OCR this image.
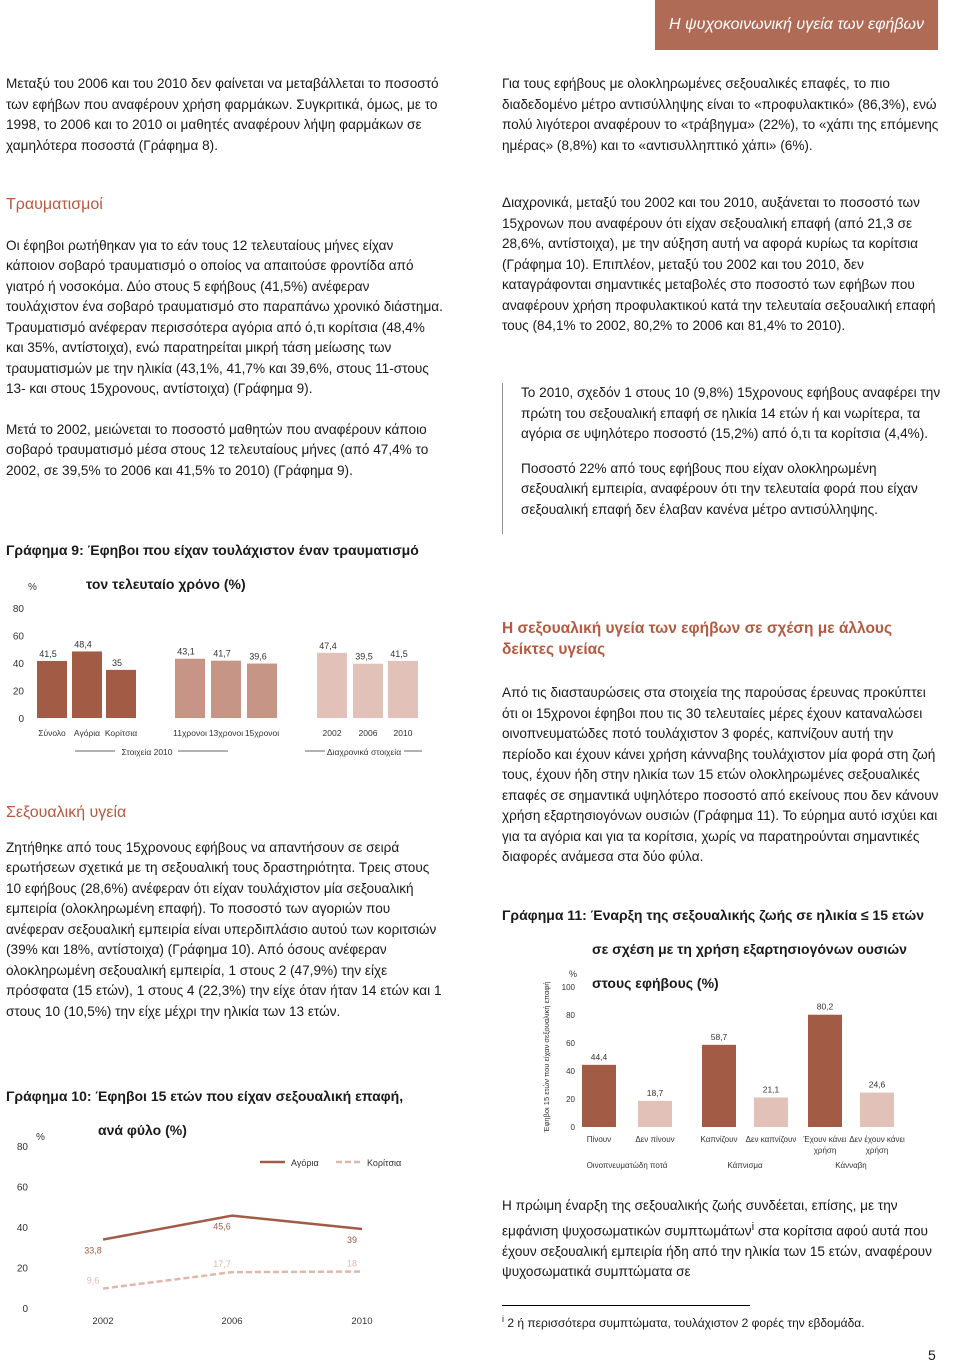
Η ψυχοκοινωνική υγεία των εφήβων

Μεταξύ του 2006 και του 2010 δεν φαίνεται να μεταβάλλεται το ποσοστό των εφήβων που αναφέρουν χρήση φαρμάκων. Συγκριτικά, όμως, με το 1998, το 2006 και το 2010 οι μαθητές αναφέρουν λήψη φαρμάκων σε χαμηλότερα ποσοστά (Γράφημα 8).

Τραυματισμοί

Οι έφηβοι ρωτήθηκαν για το εάν τους 12 τελευταίους μήνες είχαν κάποιον σοβαρό τραυματισμό ο οποίος να απαιτούσε φροντίδα από γιατρό ή νοσοκόμα. Δύο στους 5 εφήβους (41,5%) ανέφεραν τουλάχιστον ένα σοβαρό τραυματισμό στο παραπάνω χρονικό διάστημα. Τραυματισμό ανέφεραν περισσότερα αγόρια από ό,τι κορίτσια (48,4% και 35%, αντίστοιχα), ενώ παρατηρείται μικρή τάση μείωσης των τραυματισμών με την ηλικία (43,1%, 41,7% και 39,6%, στους 11-στους 13- και στους 15χρονους, αντίστοιχα) (Γράφημα 9).

Μετά το 2002, μειώνεται το ποσοστό μαθητών που αναφέρουν κάποιο σοβαρό τραυματισμό μέσα στους 12 τελευταίους μήνες (από 47,4% το 2002, σε 39,5% το 2006 και 41,5% το 2010) (Γράφημα 9).

Γράφημα 9: Έφηβοι που είχαν τουλάχιστον έναν τραυματισμό

τον τελευταίο χρόνο (%)

%
0
20
40
60
80
41,5
Σύνολο
48,4
Αγόρια
35
Κορίτσια
43,1
11χρονοι
41,7
13χρονοι
39,6
15χρονοι
47,4
2002
39,5
2006
41,5
2010
Στοιχεία 2010	Διαχρονικά στοιχεία

Σεξουαλική υγεία

Ζητήθηκε από τους 15χρονους εφήβους να απαντήσουν σε σειρά ερωτήσεων σχετικά με τη σεξουαλική τους δραστηριότητα. Τρεις στους 10 εφήβους (28,6%) ανέφεραν ότι είχαν τουλάχιστον μία σεξουαλική εμπειρία (ολοκληρωμένη επαφή). Το ποσοστό των αγοριών που ανέφεραν σεξουαλική εμπειρία είναι υπερδιπλάσιο αυτού των κοριτσιών (39% και 18%, αντίστοιχα) (Γράφημα 10). Από όσους ανέφεραν ολοκληρωμένη σεξουαλική εμπειρία, 1 στους 2 (47,9%) την είχε πρόσφατα (15 ετών), 1 στους 4 (22,3%) την είχε όταν ήταν 14 ετών και 1 στους 10 (10,5%) την είχε μέχρι την ηλικία των 13 ετών.

Γράφημα 10: Έφηβοι 15 ετών που είχαν σεξουαλική επαφή,

ανά φύλο (%)

%
0
20
40
60
80
2002	2006	2010
33,8
45,6
39
9,6
17,7	18
Αγόρια	Κορίτσια

Για τους εφήβους με ολοκληρωμένες σεξουαλικές επαφές, το πιο διαδεδομένο μέτρο αντισύλληψης είναι το «προφυλακτικό» (86,3%), ενώ πολύ λιγότεροι αναφέρουν το «τράβηγμα» (22%), το «χάπι της επόμενης ημέρας» (8,8%) και το «αντισυλληπτικό χάπι» (6%).

Διαχρονικά, μεταξύ του 2002 και του 2010, αυξάνεται το ποσοστό των 15χρονων που αναφέρουν ότι είχαν σεξουαλική επαφή (από 21,3 σε 28,6%, αντίστοιχα), με την αύξηση αυτή να αφορά κυρίως τα κορίτσια (Γράφημα 10). Επιπλέον, μεταξύ του 2002 και του 2010, δεν καταγράφονται σημαντικές μεταβολές στο ποσοστό των εφήβων που αναφέρουν χρήση προφυλακτικού κατά την τελευταία σεξουαλική επαφή τους (84,1% το 2002, 80,2% το 2006 και 81,4% το 2010).

Το 2010, σχεδόν 1 στους 10 (9,8%) 15χρονους εφήβους αναφέρει την πρώτη του σεξουαλική επαφή σε ηλικία 14 ετών ή και νωρίτερα, τα αγόρια σε υψηλότερο ποσοστό (15,2%) από ό,τι τα κορίτσια (4,4%).

Ποσοστό 22% από τους εφήβους που είχαν ολοκληρωμένη σεξουαλική εμπειρία, αναφέρουν ότι την τελευταία φορά που είχαν σεξουαλική επαφή δεν έλαβαν κανένα μέτρο αντισύλληψης.

Η σεξουαλική υγεία των εφήβων σε σχέση με άλλους δείκτες υγείας

Από τις διασταυρώσεις στα στοιχεία της παρούσας έρευνας προκύπτει ότι οι 15χρονοι έφηβοι που τις 30 τελευταίες μέρες έχουν καταναλώσει οινοπνευματώδες ποτό τουλάχιστον 3 φορές, καπνίζουν αυτή την περίοδο και έχουν κάνει χρήση κάνναβης τουλάχιστον μία φορά στη ζωή τους, έχουν ήδη στην ηλικία των 15 ετών ολοκληρωμένες σεξουαλικές επαφές σε σημαντικά υψηλότερο ποσοστό από εκείνους που δεν κάνουν χρήση εξαρτησιογόνων ουσιών (Γράφημα 11). Το εύρημα αυτό ισχύει και για τα αγόρια και για τα κορίτσια, χωρίς να παρατηρούνται σημαντικές διαφορές ανάμεσα στα δύο φύλα.

Γράφημα 11: Έναρξη της σεξουαλικής ζωής σε ηλικία ≤ 15 ετών

σε σχέση με τη χρήση εξαρτησιογόνων ουσιών

στους εφήβους (%)

Έφηβοι 15 ετών που είχαν σεξουαλική επαφή
%
0
20
40
60
80
100
44,4
Πίνουν
18,7
Δεν πίνουν
58,7
Καπνίζουν
21,1
Δεν καπνίζουν
80,2
Έχουν κάνει
χρήση
24,6
Δεν έχουν κάνει
χρήση
Οινοπνευματώδη ποτά	Κάπνισμα	Κάνναβη

Η πρώιμη έναρξη της σεξουαλικής ζωής συνδέεται, επίσης, με την εμφάνιση ψυχοσωματικών συμπτωμάτων$^i$ στα κορίτσια αφού αυτά που έχουν σεξουαλική εμπειρία ήδη από την ηλικία των 15 ετών, αναφέρουν ψυχοσωματικά συμπτώματα σε

$^i$ 2 ή περισσότερα συμπτώματα, τουλάχιστον 2 φορές την εβδομάδα.
5
